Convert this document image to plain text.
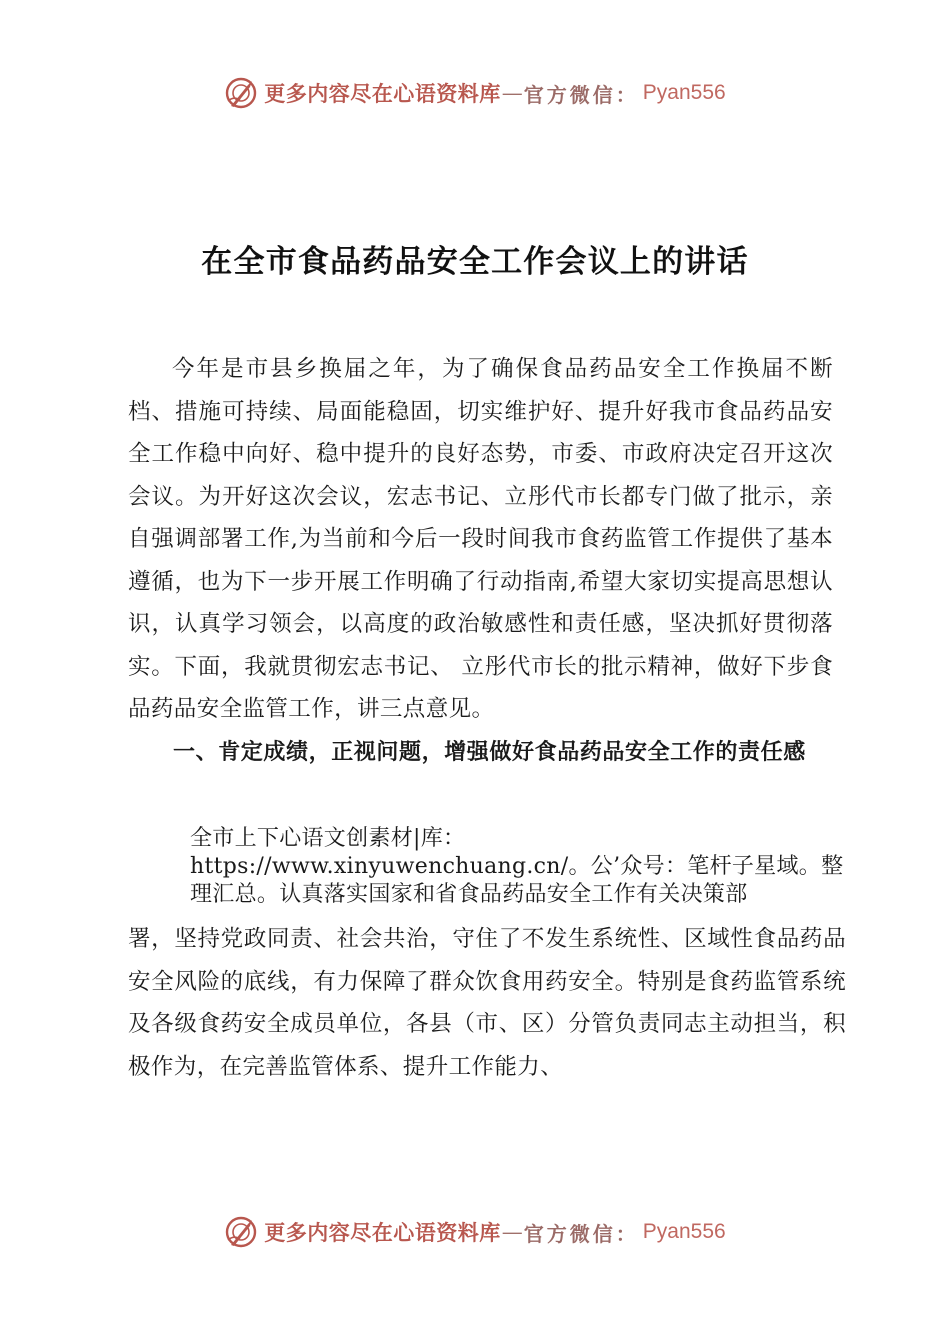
更多内容尽在心语资料库 — 官方微信： Pyan556
在全市食品药品安全工作会议上的讲话

今年是市县乡换届之年，为了确保食品药品安全工作换届不断档、措施可持续、局面能稳固，切实维护好、提升好我市食品药品安全工作稳中向好、稳中提升的良好态势，市委、市政府决定召开这次会议。为开好这次会议，宏志书记、立彤代市长都专门做了批示，亲自强调部署工作,为当前和今后一段时间我市食药监管工作提供了基本遵循，也为下一步开展工作明确了行动指南,希望大家切实提高思想认识，认真学习领会，以高度的政治敏感性和责任感，坚决抓好贯彻落实。下面，我就贯彻宏志书记、 立彤代市长的批示精神，做好下步食品药品安全监管工作，讲三点意见。

一、肯定成绩，正视问题，增强做好食品药品安全工作的责任感

全市上下心语文创素材|库：https://www.xinyuwenchuang.cn/。公’众号：笔杆子星域。整理汇总。认真落实国家和省食品药品安全工作有关决策部

署，坚持党政同责、社会共治，守住了不发生系统性、区域性食品药品安全风险的底线，有力保障了群众饮食用药安全。特别是食药监管系统及各级食药安全成员单位，各县（市、区）分管负责同志主动担当，积极作为，在完善监管体系、提升工作能力、

更多内容尽在心语资料库 — 官方微信： Pyan556
